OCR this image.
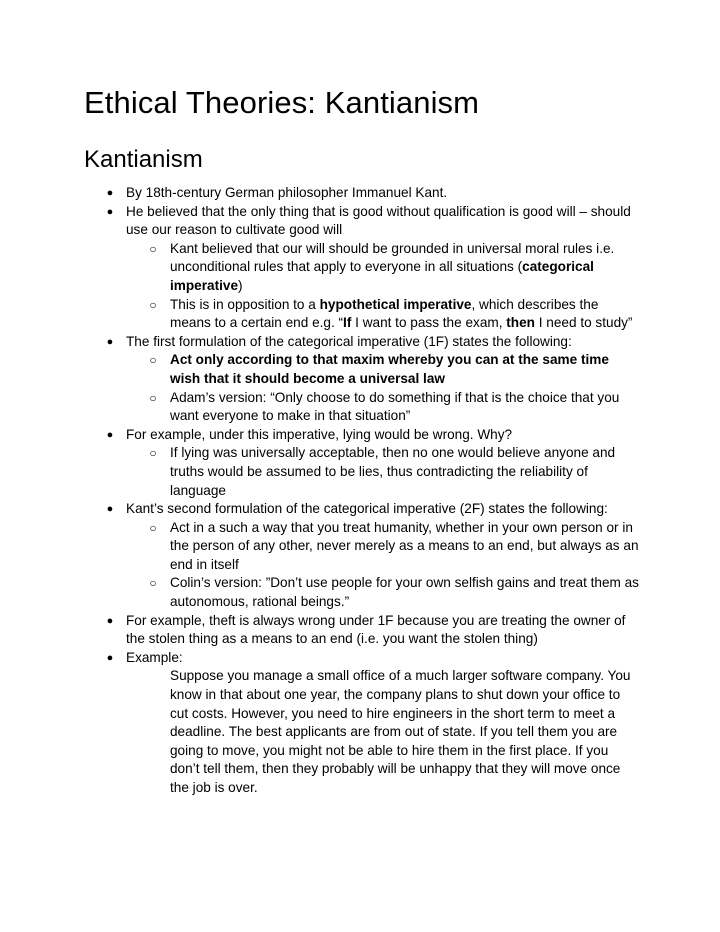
Ethical Theories: Kantianism
Kantianism

● By 18th-century German philosopher Immanuel Kant.

● He believed that the only thing that is good without qualification is good will – should use our reason to cultivate good will

○ Kant believed that our will should be grounded in universal moral rules i.e. unconditional rules that apply to everyone in all situations (categorical imperative)

○ This is in opposition to a hypothetical imperative, which describes the means to a certain end e.g. “If I want to pass the exam, then I need to study”

● The first formulation of the categorical imperative (1F) states the following:

○ Act only according to that maxim whereby you can at the same time wish that it should become a universal law

○ Adam’s version: “Only choose to do something if that is the choice that you want everyone to make in that situation”

● For example, under this imperative, lying would be wrong. Why?

○ If lying was universally acceptable, then no one would believe anyone and truths would be assumed to be lies, thus contradicting the reliability of language

● Kant’s second formulation of the categorical imperative (2F) states the following:

○ Act in a such a way that you treat humanity, whether in your own person or in the person of any other, never merely as a means to an end, but always as an end in itself

○ Colin’s version: ”Don’t use people for your own selfish gains and treat them as autonomous, rational beings.”

● For example, theft is always wrong under 1F because you are treating the owner of the stolen thing as a means to an end (i.e. you want the stolen thing)

● Example:

Suppose you manage a small office of a much larger software company. You know in that about one year, the company plans to shut down your office to cut costs. However, you need to hire engineers in the short term to meet a deadline. The best applicants are from out of state. If you tell them you are going to move, you might not be able to hire them in the first place. If you don’t tell them, then they probably will be unhappy that they will move once the job is over.
